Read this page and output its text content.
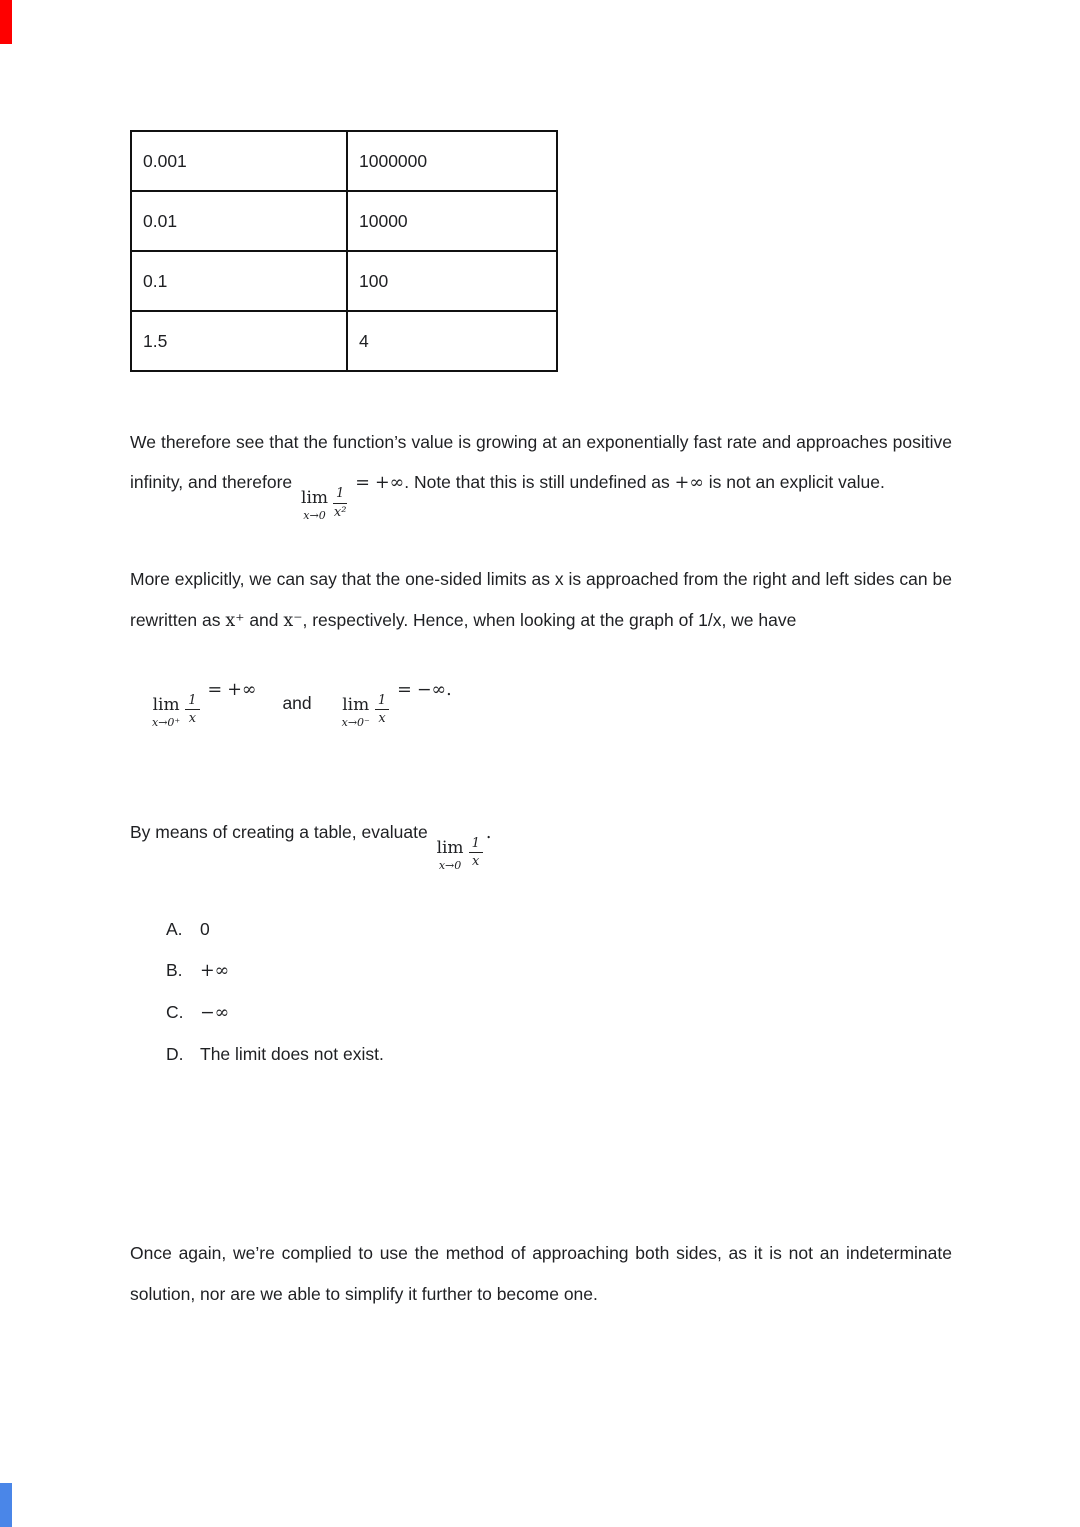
0.001	1000000
0.01	10000
0.1	100
1.5	4

We therefore see that the function’s value is growing at an exponentially fast rate and approaches positive infinity, and therefore
lim
$x\to 0 \frac{1}{\text{x²}}$
= +∞. Note that this is still undefined as +∞ is not an explicit value.

More explicitly, we can say that the one-sided limits as x is approached from the right and left sides can be rewritten as x⁺ and x⁻, respectively. Hence, when looking at the graph of 1/x, we have

lim
$x\to 0^+ \frac{1}{x}$
= +∞
and lim
$x\to 0^- \frac{1}{x}$
= −∞.

By means of creating a table, evaluate
lim
$x\to 0 \frac{1}{x}$
.

A. 0
B. +∞
C. −∞
D. The limit does not exist.

Once again, we’re complied to use the method of approaching both sides, as it is not an indeterminate solution, nor are we able to simplify it further to become one.
